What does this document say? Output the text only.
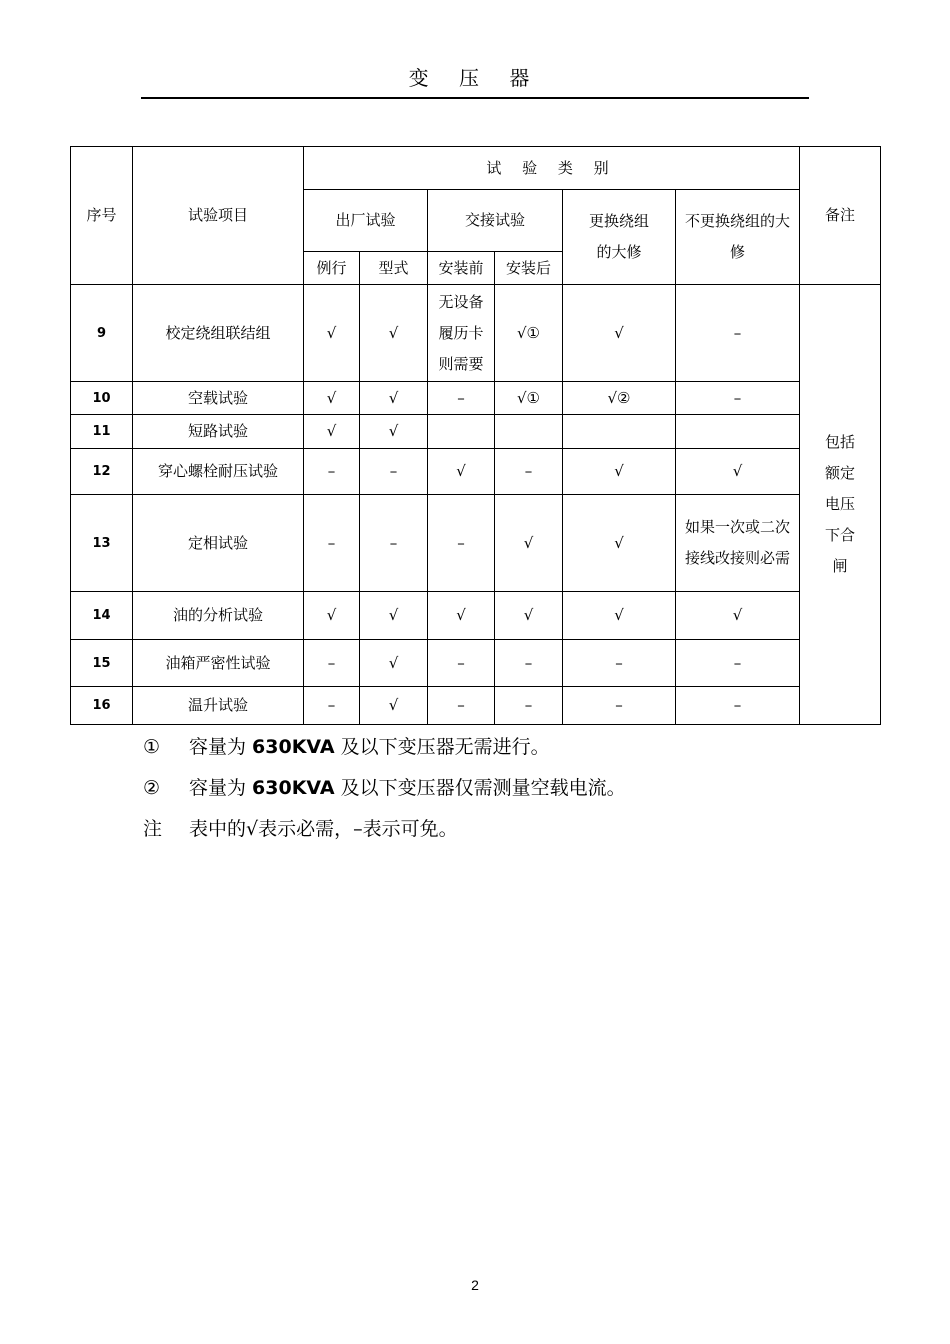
变 压 器
序号	试验项目	试 验 类 别						备注
		出厂试验		交接试验		更换绕组的大修	不更换绕组的大修	
		例行	型式	安装前	安装后			
9	校定绕组联结组	√	√	无设备履历卡则需要	√①	√	–	包括额定电压下合闸
10	空载试验	√	√	–	√①	√②	–	
11	短路试验	√	√					
12	穿心螺栓耐压试验	–	–	√	–	√	√	
13	定相试验	–	–	–	√	√	如果一次或二次接线改接则必需	
14	油的分析试验	√	√	√	√	√	√	
15	油箱严密性试验	–	√	–	–	–	–	
16	温升试验	–	√	–	–	–	–	
① 容量为 630KVA 及以下变压器无需进行。
② 容量为 630KVA 及以下变压器仅需测量空载电流。
注 表中的√表示必需，–表示可免。
2
